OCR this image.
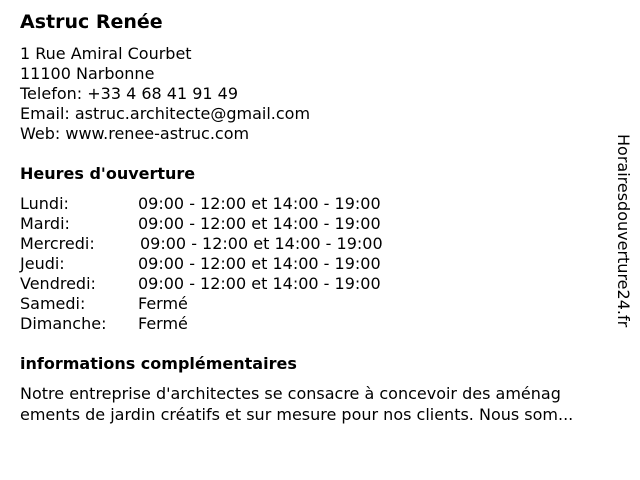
Astruc Renée
1 Rue Amiral Courbet
11100 Narbonne
Telefon: +33 4 68 41 91 49
Email: astruc.architecte@gmail.com
Web: www.renee-astruc.com
Heures d'ouverture
Lundi:	09:00 - 12:00 et 14:00 - 19:00
Mardi:	09:00 - 12:00 et 14:00 - 19:00
Mercredi:	09:00 - 12:00 et 14:00 - 19:00
Jeudi:	09:00 - 12:00 et 14:00 - 19:00
Vendredi:	09:00 - 12:00 et 14:00 - 19:00
Samedi:	Fermé
Dimanche: Fermé
informations complémentaires
Notre entreprise d'architectes se consacre à concevoir des aménag
ements de jardin créatifs et sur mesure pour nos clients. Nous som...
Horairesdouverture24.fr
